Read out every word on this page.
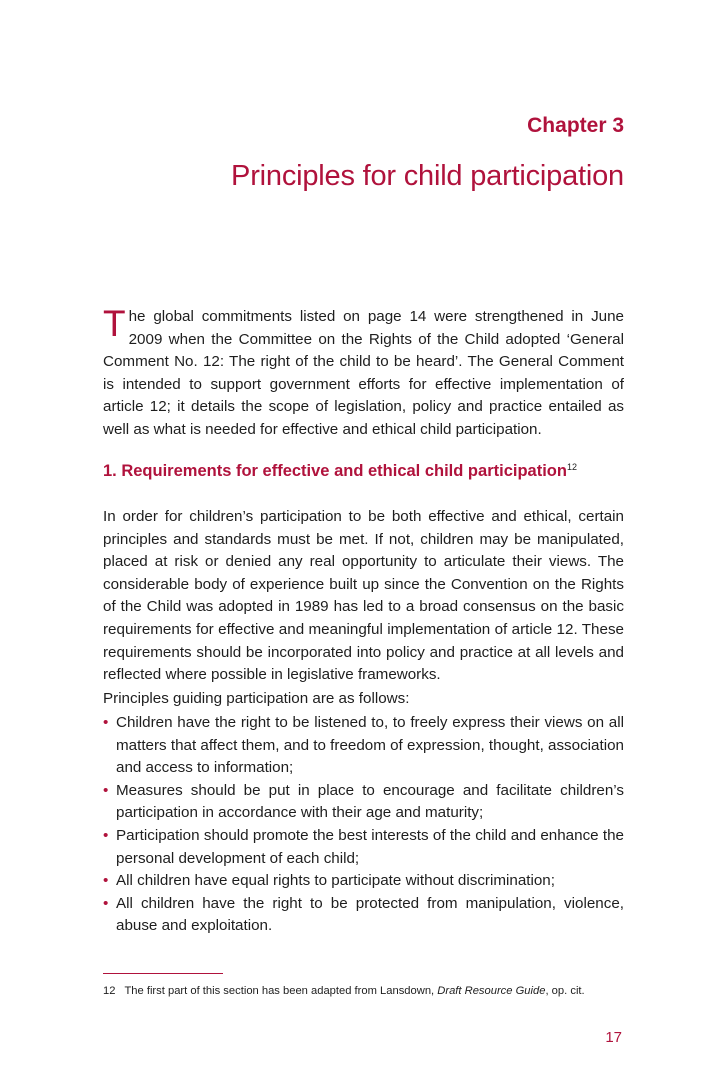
Chapter 3
Principles for child participation
The global commitments listed on page 14 were strengthened in June 2009 when the Committee on the Rights of the Child adopted ‘General Comment No. 12: The right of the child to be heard’. The General Comment is intended to support government efforts for effective implementation of article 12; it details the scope of legislation, policy and practice entailed as well as what is needed for effective and ethical child participation.
1. Requirements for effective and ethical child participation$^{12}$
In order for children’s participation to be both effective and ethical, certain principles and standards must be met. If not, children may be manipulated, placed at risk or denied any real opportunity to articulate their views. The considerable body of experience built up since the Convention on the Rights of the Child was adopted in 1989 has led to a broad consensus on the basic requirements for effective and meaningful implementation of article 12. These requirements should be incorporated into policy and practice at all levels and reflected where possible in legislative frameworks.
Principles guiding participation are as follows:
• Children have the right to be listened to, to freely express their views on all matters that affect them, and to freedom of expression, thought, association and access to information;
• Measures should be put in place to encourage and facilitate children’s participation in accordance with their age and maturity;
• Participation should promote the best interests of the child and enhance the personal development of each child;
• All children have equal rights to participate without discrimination;
• All children have the right to be protected from manipulation, violence, abuse and exploitation.
12 The first part of this section has been adapted from Lansdown, Draft Resource Guide, op. cit.
17
